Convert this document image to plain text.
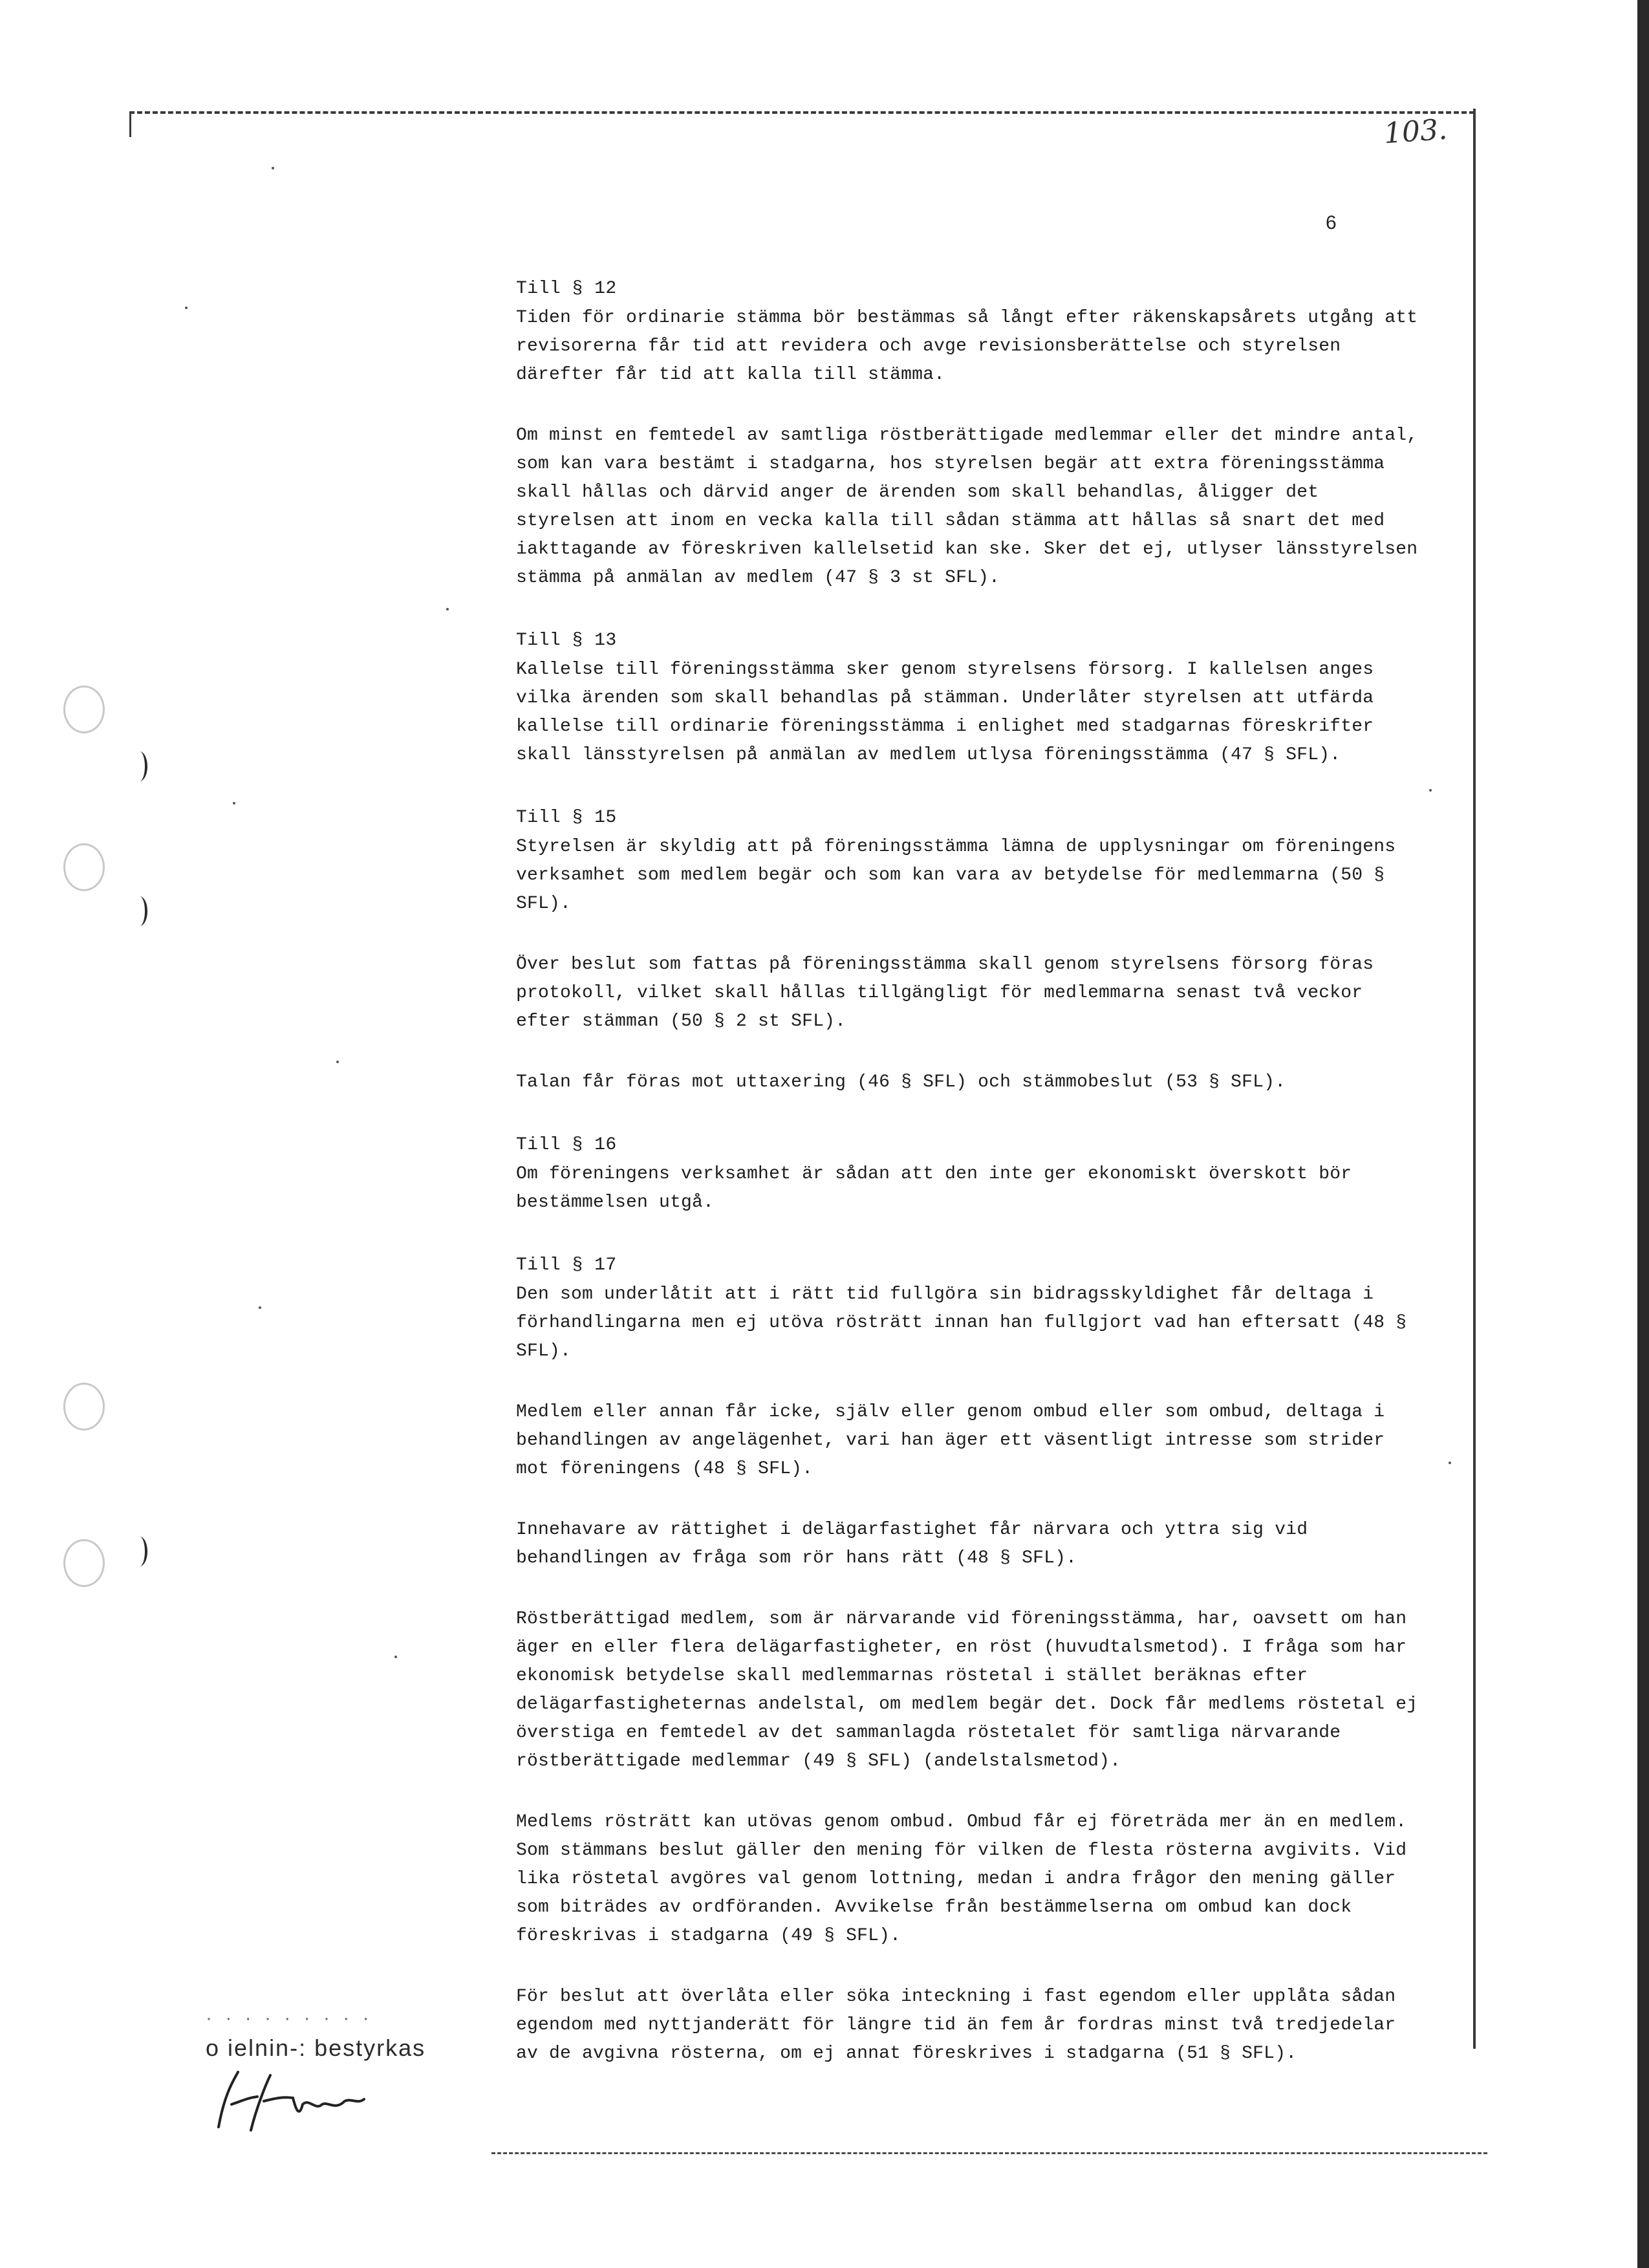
103.
6
Till § 12
Tiden för ordinarie stämma bör bestämmas så långt efter räkenskapsårets utgång att revisorerna får tid att revidera och avge revisionsberättelse och styrelsen därefter får tid att kalla till stämma.
Om minst en femtedel av samtliga röstberättigade medlemmar eller det mindre antal, som kan vara bestämt i stadgarna, hos styrelsen begär att extra föreningsstämma skall hållas och därvid anger de ärenden som skall behandlas, åligger det styrelsen att inom en vecka kalla till sådan stämma att hållas så snart det med iakttagande av föreskriven kallelsetid kan ske. Sker det ej, utlyser länsstyrelsen stämma på anmälan av medlem (47 § 3 st SFL).
Till § 13
Kallelse till föreningsstämma sker genom styrelsens försorg. I kallelsen anges vilka ärenden som skall behandlas på stämman. Underlåter styrelsen att utfärda kallelse till ordinarie föreningsstämma i enlighet med stadgarnas föreskrifter skall länsstyrelsen på anmälan av medlem utlysa föreningsstämma (47 § SFL).
Till § 15
Styrelsen är skyldig att på föreningsstämma lämna de upplysningar om föreningens verksamhet som medlem begär och som kan vara av betydelse för medlemmarna (50 § SFL).
Över beslut som fattas på föreningsstämma skall genom styrelsens försorg föras protokoll, vilket skall hållas tillgängligt för medlemmarna senast två veckor efter stämman (50 § 2 st SFL).
Talan får föras mot uttaxering (46 § SFL) och stämmobeslut (53 § SFL).
Till § 16
Om föreningens verksamhet är sådan att den inte ger ekonomiskt överskott bör bestämmelsen utgå.
Till § 17
Den som underlåtit att i rätt tid fullgöra sin bidragsskyldighet får deltaga i förhandlingarna men ej utöva rösträtt innan han fullgjort vad han eftersatt (48 § SFL).
Medlem eller annan får icke, själv eller genom ombud eller som ombud, deltaga i behandlingen av angelägenhet, vari han äger ett väsentligt intresse som strider mot föreningens (48 § SFL).
Innehavare av rättighet i delägarfastighet får närvara och yttra sig vid behandlingen av fråga som rör hans rätt (48 § SFL).
Röstberättigad medlem, som är närvarande vid föreningsstämma, har, oavsett om han äger en eller flera delägarfastigheter, en röst (huvudtalsmetod). I fråga som har ekonomisk betydelse skall medlemmarnas röstetal i stället beräknas efter delägarfastigheternas andelstal, om medlem begär det. Dock får medlems röstetal ej överstiga en femtedel av det sammanlagda röstetalet för samtliga närvarande röstberättigade medlemmar (49 § SFL) (andelstalsmetod).
Medlems rösträtt kan utövas genom ombud. Ombud får ej företräda mer än en medlem. Som stämmans beslut gäller den mening för vilken de flesta rösterna avgivits. Vid lika röstetal avgöres val genom lottning, medan i andra frågor den mening gäller som biträdes av ordföranden. Avvikelse från bestämmelserna om ombud kan dock föreskrivas i stadgarna (49 § SFL).
För beslut att överlåta eller söka inteckning i fast egendom eller upplåta sådan egendom med nyttjanderätt för längre tid än fem år fordras minst två tredjedelar av de avgivna rösterna, om ej annat föreskrives i stadgarna (51 § SFL).
· · · · · · · · ·
o ielnin-: bestyrkas
